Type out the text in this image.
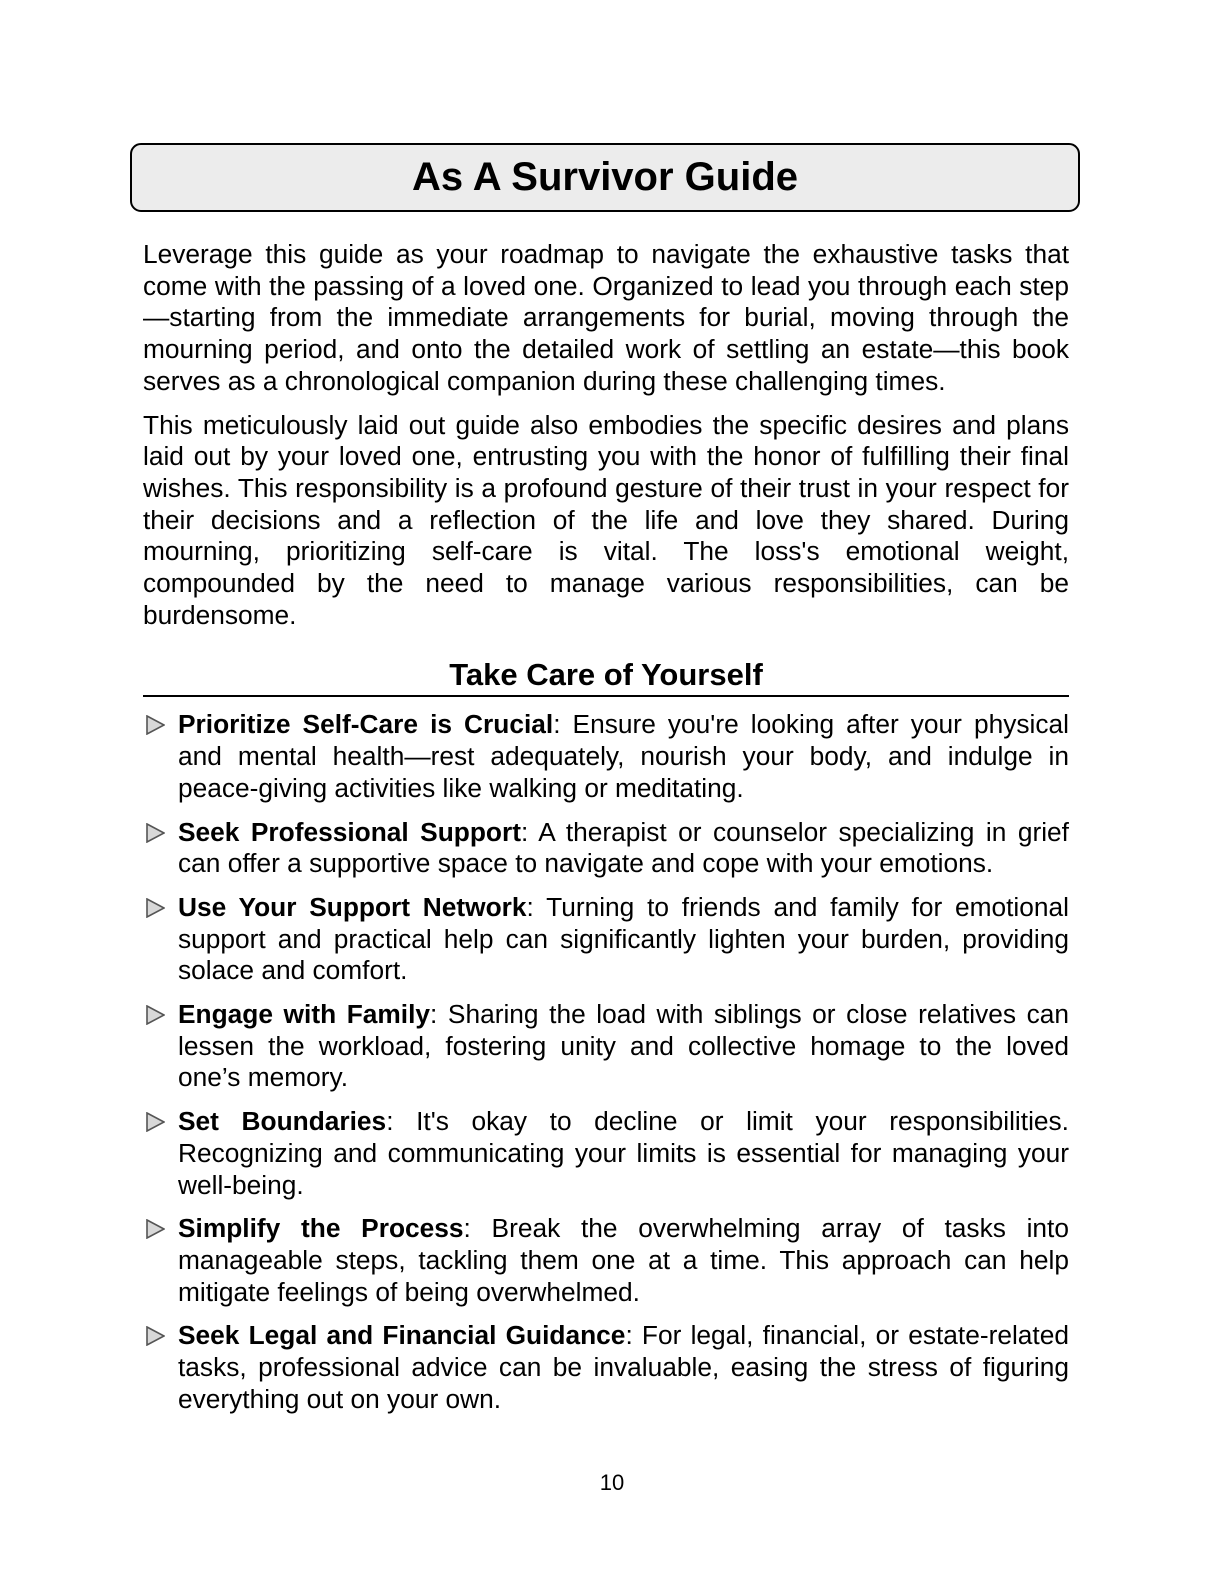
As A Survivor Guide

Leverage this guide as your roadmap to navigate the exhaustive tasks that come with the passing of a loved one. Organized to lead you through each step—starting from the immediate arrangements for burial, moving through the mourning period, and onto the detailed work of settling an estate—this book serves as a chronological companion during these challenging times.

This meticulously laid out guide also embodies the specific desires and plans laid out by your loved one, entrusting you with the honor of fulfilling their final wishes. This responsibility is a profound gesture of their trust in your respect for their decisions and a reflection of the life and love they shared. During mourning, prioritizing self-care is vital. The loss's emotional weight, compounded by the need to manage various responsibilities, can be burdensome.

Take Care of Yourself
Prioritize Self-Care is Crucial: Ensure you're looking after your physical and mental health—rest adequately, nourish your body, and indulge in peace-giving activities like walking or meditating.
Seek Professional Support: A therapist or counselor specializing in grief can offer a supportive space to navigate and cope with your emotions.
Use Your Support Network: Turning to friends and family for emotional support and practical help can significantly lighten your burden, providing solace and comfort.
Engage with Family: Sharing the load with siblings or close relatives can lessen the workload, fostering unity and collective homage to the loved one’s memory.
Set Boundaries: It's okay to decline or limit your responsibilities. Recognizing and communicating your limits is essential for managing your well-being.
Simplify the Process: Break the overwhelming array of tasks into manageable steps, tackling them one at a time. This approach can help mitigate feelings of being overwhelmed.
Seek Legal and Financial Guidance: For legal, financial, or estate-related tasks, professional advice can be invaluable, easing the stress of figuring everything out on your own.
10
